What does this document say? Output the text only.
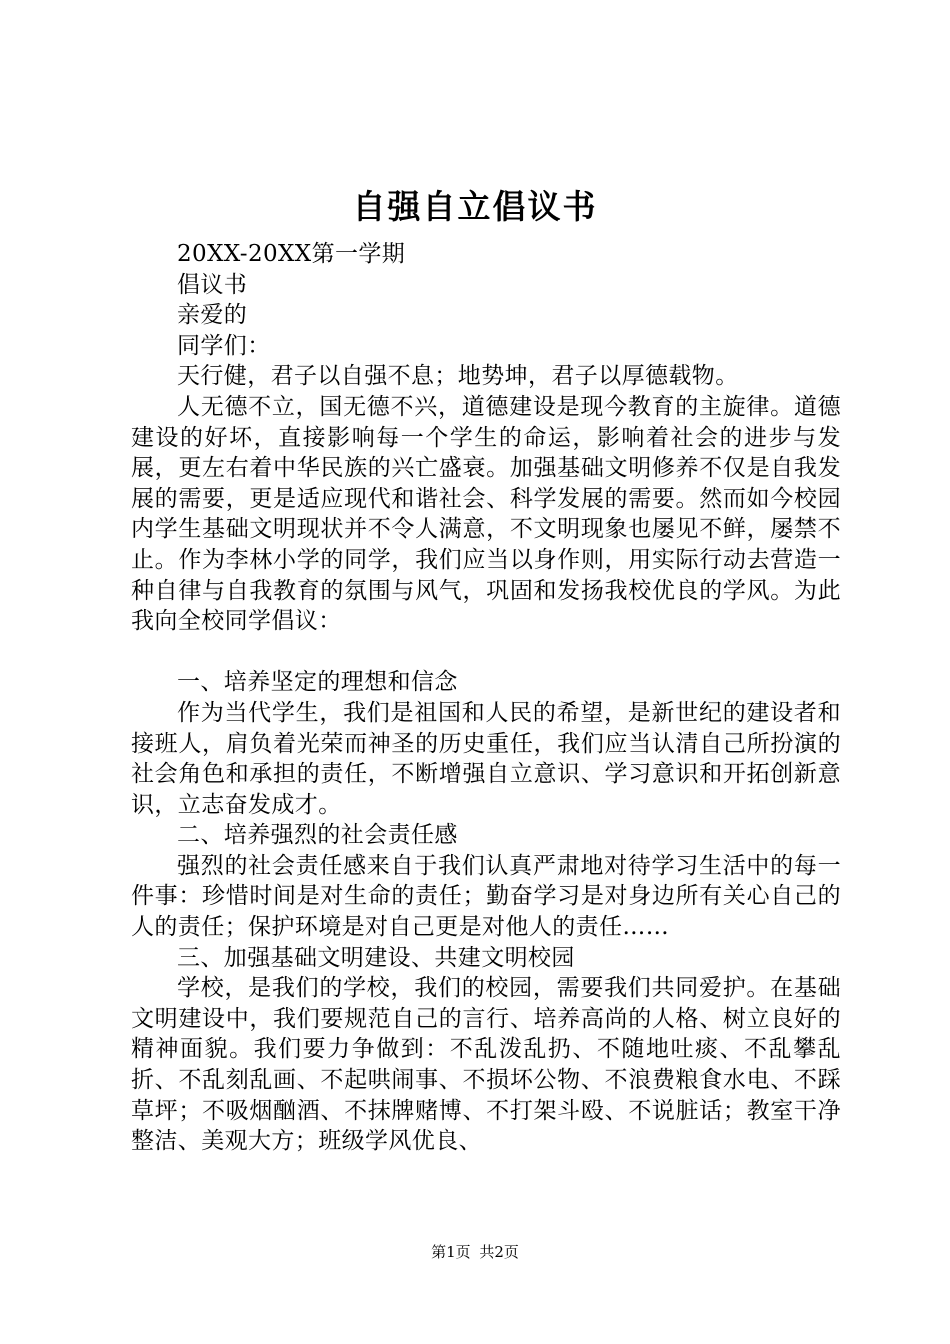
自强自立倡议书

20XX-20XX第一学期

倡议书

亲爱的

同学们：

天行健，君子以自强不息；地势坤，君子以厚德载物。

人无德不立，国无德不兴，道德建设是现今教育的主旋律。道德建设的好坏，直接影响每一个学生的命运，影响着社会的进步与发展，更左右着中华民族的兴亡盛衰。加强基础文明修养不仅是自我发展的需要，更是适应现代和谐社会、科学发展的需要。然而如今校园内学生基础文明现状并不令人满意，不文明现象也屡见不鲜，屡禁不止。作为李林小学的同学，我们应当以身作则，用实际行动去营造一种自律与自我教育的氛围与风气，巩固和发扬我校优良的学风。为此我向全校同学倡议：

一、培养坚定的理想和信念

作为当代学生，我们是祖国和人民的希望，是新世纪的建设者和接班人，肩负着光荣而神圣的历史重任，我们应当认清自己所扮演的社会角色和承担的责任，不断增强自立意识、学习意识和开拓创新意识，立志奋发成才。

二、培养强烈的社会责任感

强烈的社会责任感来自于我们认真严肃地对待学习生活中的每一件事：珍惜时间是对生命的责任；勤奋学习是对身边所有关心自己的人的责任；保护环境是对自己更是对他人的责任……

三、加强基础文明建设、共建文明校园

学校，是我们的学校，我们的校园，需要我们共同爱护。在基础文明建设中，我们要规范自己的言行、培养高尚的人格、树立良好的精神面貌。我们要力争做到：不乱泼乱扔、不随地吐痰、不乱攀乱折、不乱刻乱画、不起哄闹事、不损坏公物、不浪费粮食水电、不踩草坪；不吸烟酗酒、不抹牌赌博、不打架斗殴、不说脏话；教室干净整洁、美观大方；班级学风优良、

第1页 共2页
